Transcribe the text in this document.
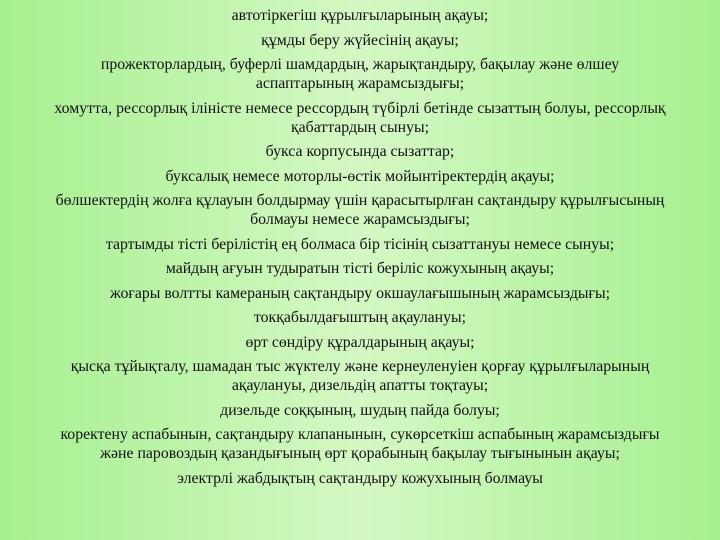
автотіркегіш құрылғыларының ақауы;
құмды беру жүйесінің ақауы;
прожекторлардың, буферлі шамдардың, жарықтандыру, бақылау және өлшеу аспаптарының жарамсыздығы;
хомутта, рессорлық ілiністе немесе рессордың түбірлі бетінде сызаттың болуы, рессорлық қабаттардың сынуы;
букса корпусында сызаттар;
буксалық немесе моторлы-өстік мойынтіректердің ақауы;
бөлшектердің жолға құлауын болдырмау үшін қарасытырлған сақтандыру құрылғысының болмауы немесе жарамсыздығы;
тартымды тісті берілістің ең болмаса бір тісінің сызаттануы немесе сынуы;
майдың ағуын тудыратын тісті беріліс кожухының ақауы;
жоғары волтты камераның сақтандыру окшаулағышының жарамсыздығы;
токқабылдағыштың ақаулануы;
өрт сөндіру құралдарының ақауы;
қысқа тұйықталу, шамадан тыс жүктелу және кернеуленуіен қорғау құрылғыларының ақаулануы, дизельдің апатты тоқтауы;
дизельде соққының, шудың пайда болуы;
коректену аспабынын, сақтандыру клапанынын, сукөрсеткіш аспабының жарамсыздығы және паровоздың қазандығының өрт қорабының бақылау тығынынын ақауы;
электрлі жабдықтың сақтандыру кожухының болмауы
